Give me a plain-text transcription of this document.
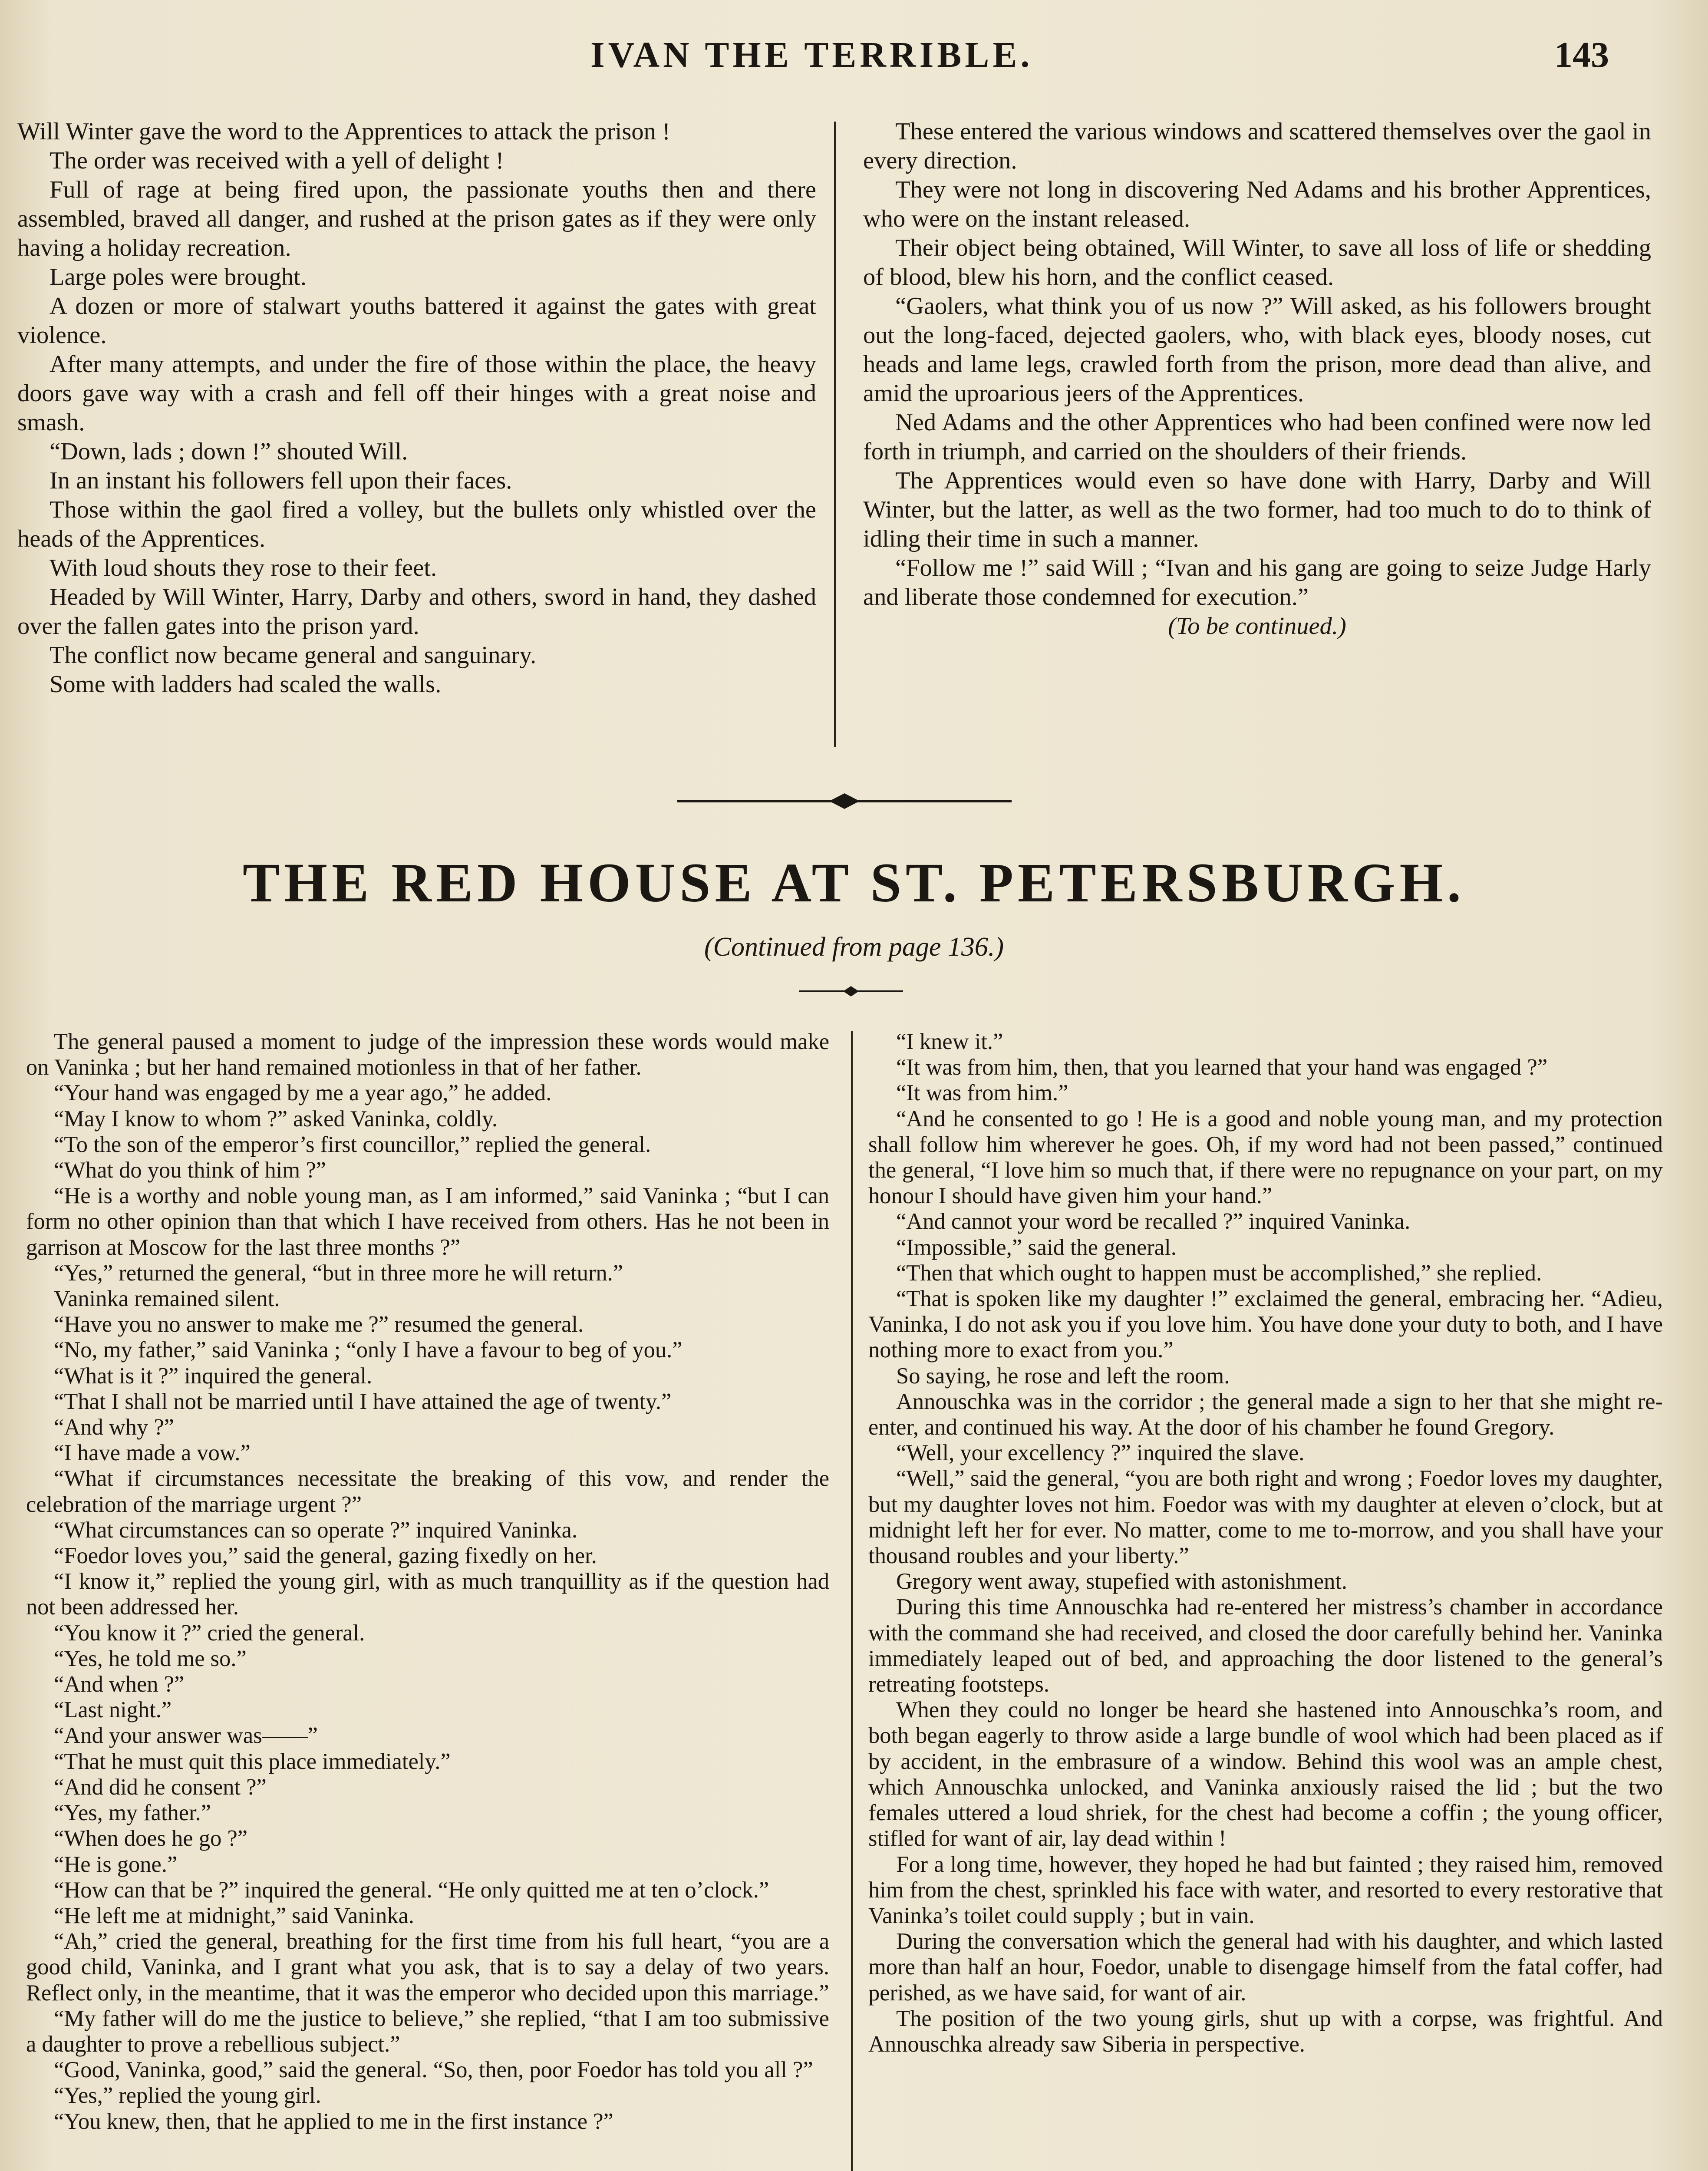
IVAN THE TERRIBLE.	143

Will Winter gave the word to the Apprentices to attack the prison !

The order was received with a yell of delight !

Full of rage at being fired upon, the passionate youths then and there assembled, braved all danger, and rushed at the prison gates as if they were only having a holiday recreation.

Large poles were brought.

A dozen or more of stalwart youths battered it against the gates with great violence.

After many attempts, and under the fire of those within the place, the heavy doors gave way with a crash and fell off their hinges with a great noise and smash.

“Down, lads ; down !” shouted Will.

In an instant his followers fell upon their faces.

Those within the gaol fired a volley, but the bullets only whistled over the heads of the Apprentices.

With loud shouts they rose to their feet.

Headed by Will Winter, Harry, Darby and others, sword in hand, they dashed over the fallen gates into the prison yard.

The conflict now became general and sanguinary.

Some with ladders had scaled the walls.

These entered the various windows and scattered themselves over the gaol in every direction.

They were not long in discovering Ned Adams and his brother Apprentices, who were on the instant released.

Their object being obtained, Will Winter, to save all loss of life or shedding of blood, blew his horn, and the conflict ceased.

“Gaolers, what think you of us now ?” Will asked, as his followers brought out the long-faced, dejected gaolers, who, with black eyes, bloody noses, cut heads and lame legs, crawled forth from the prison, more dead than alive, and amid the uproarious jeers of the Apprentices.

Ned Adams and the other Apprentices who had been confined were now led forth in triumph, and carried on the shoulders of their friends.

The Apprentices would even so have done with Harry, Darby and Will Winter, but the latter, as well as the two former, had too much to do to think of idling their time in such a manner.

“Follow me !” said Will ; “Ivan and his gang are going to seize Judge Harly and liberate those condemned for execution.”

(To be continued.)

THE RED HOUSE AT ST. PETERSBURGH.
(Continued from page 136.)

The general paused a moment to judge of the impression these words would make on Vaninka ; but her hand remained motionless in that of her father.

“Your hand was engaged by me a year ago,” he added.

“May I know to whom ?” asked Vaninka, coldly.

“To the son of the emperor’s first councillor,” replied the general.

“What do you think of him ?”

“He is a worthy and noble young man, as I am informed,” said Vaninka ; “but I can form no other opinion than that which I have received from others. Has he not been in garrison at Moscow for the last three months ?”

“Yes,” returned the general, “but in three more he will return.”

Vaninka remained silent.

“Have you no answer to make me ?” resumed the general.

“No, my father,” said Vaninka ; “only I have a favour to beg of you.”

“What is it ?” inquired the general.

“That I shall not be married until I have attained the age of twenty.”

“And why ?”

“I have made a vow.”

“What if circumstances necessitate the breaking of this vow, and render the celebration of the marriage urgent ?”

“What circumstances can so operate ?” inquired Vaninka.

“Foedor loves you,” said the general, gazing fixedly on her.

“I know it,” replied the young girl, with as much tranquillity as if the question had not been addressed her.

“You know it ?” cried the general.

“Yes, he told me so.”

“And when ?”

“Last night.”

“And your answer was——”

“That he must quit this place immediately.”

“And did he consent ?”

“Yes, my father.”

“When does he go ?”

“He is gone.”

“How can that be ?” inquired the general. “He only quitted me at ten o’clock.”

“He left me at midnight,” said Vaninka.

“Ah,” cried the general, breathing for the first time from his full heart, “you are a good child, Vaninka, and I grant what you ask, that is to say a delay of two years. Reflect only, in the meantime, that it was the emperor who decided upon this marriage.”

“My father will do me the justice to believe,” she replied, “that I am too submissive a daughter to prove a rebellious subject.”

“Good, Vaninka, good,” said the general. “So, then, poor Foedor has told you all ?”

“Yes,” replied the young girl.

“You knew, then, that he applied to me in the first instance ?”

“I knew it.”

“It was from him, then, that you learned that your hand was engaged ?”

“It was from him.”

“And he consented to go ! He is a good and noble young man, and my protection shall follow him wherever he goes. Oh, if my word had not been passed,” continued the general, “I love him so much that, if there were no repugnance on your part, on my honour I should have given him your hand.”

“And cannot your word be recalled ?” inquired Vaninka.

“Impossible,” said the general.

“Then that which ought to happen must be accomplished,” she replied.

“That is spoken like my daughter !” exclaimed the general, embracing her. “Adieu, Vaninka, I do not ask you if you love him. You have done your duty to both, and I have nothing more to exact from you.”

So saying, he rose and left the room.

Annouschka was in the corridor ; the general made a sign to her that she might re-enter, and continued his way. At the door of his chamber he found Gregory.

“Well, your excellency ?” inquired the slave.

“Well,” said the general, “you are both right and wrong ; Foedor loves my daughter, but my daughter loves not him. Foedor was with my daughter at eleven o’clock, but at midnight left her for ever. No matter, come to me to-morrow, and you shall have your thousand roubles and your liberty.”

Gregory went away, stupefied with astonishment.

During this time Annouschka had re-entered her mistress’s chamber in accordance with the command she had received, and closed the door carefully behind her. Vaninka immediately leaped out of bed, and approaching the door listened to the general’s retreating footsteps.

When they could no longer be heard she hastened into Annouschka’s room, and both began eagerly to throw aside a large bundle of wool which had been placed as if by accident, in the embrasure of a window. Behind this wool was an ample chest, which Annouschka unlocked, and Vaninka anxiously raised the lid ; but the two females uttered a loud shriek, for the chest had become a coffin ; the young officer, stifled for want of air, lay dead within !

For a long time, however, they hoped he had but fainted ; they raised him, removed him from the chest, sprinkled his face with water, and resorted to every restorative that Vaninka’s toilet could supply ; but in vain.

During the conversation which the general had with his daughter, and which lasted more than half an hour, Foedor, unable to disengage himself from the fatal coffer, had perished, as we have said, for want of air.

The position of the two young girls, shut up with a corpse, was frightful. And Annouschka already saw Siberia in perspective.
